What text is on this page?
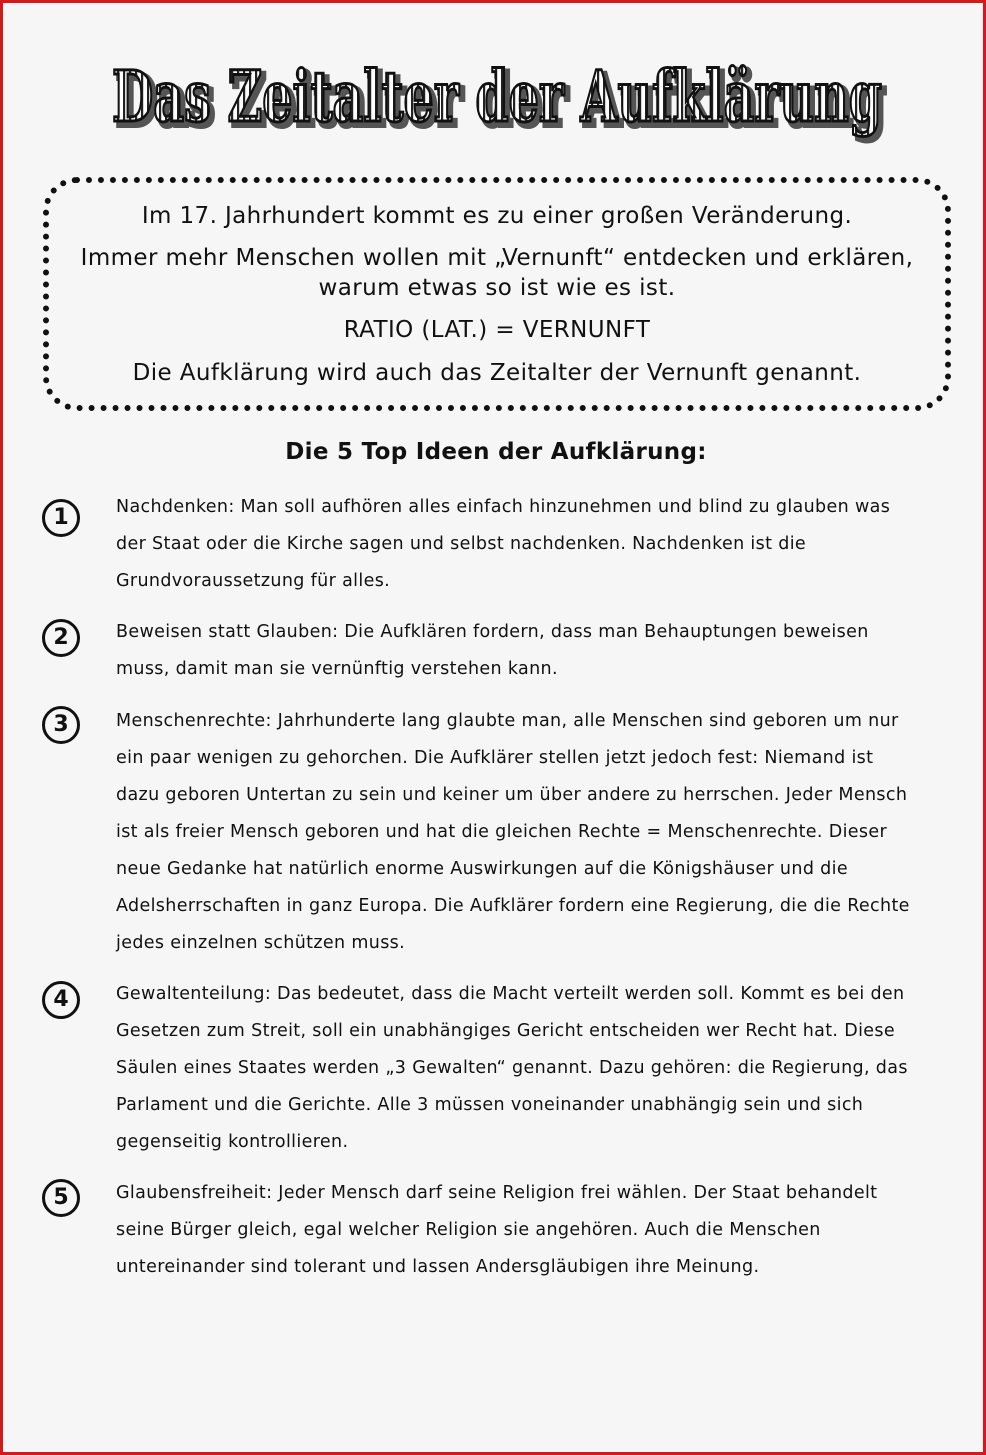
Das Zeitalter der Aufklärung
Das Zeitalter der Aufklärung
Im 17. Jahrhundert kommt es zu einer großen Veränderung.
Immer mehr Menschen wollen mit „Vernunft“ entdecken und erklären,
warum etwas so ist wie es ist.
RATIO (LAT.) = VERNUNFT
Die Aufklärung wird auch das Zeitalter der Vernunft genannt.
Die 5 Top Ideen der Aufklärung:
1	Nachdenken: Man soll aufhören alles einfach hinzunehmen und blind zu glauben was der Staat oder die Kirche sagen und selbst nachdenken. Nachdenken ist die Grundvoraussetzung für alles.

2	Beweisen statt Glauben: Die Aufklären fordern, dass man Behauptungen beweisen muss, damit man sie vernünftig verstehen kann.

3	Menschenrechte: Jahrhunderte lang glaubte man, alle Menschen sind geboren um nur ein paar wenigen zu gehorchen. Die Aufklärer stellen jetzt jedoch fest: Niemand ist dazu geboren Untertan zu sein und keiner um über andere zu herrschen. Jeder Mensch ist als freier Mensch geboren und hat die gleichen Rechte = Menschenrechte. Dieser neue Gedanke hat natürlich enorme Auswirkungen auf die Königshäuser und die Adelsherrschaften in ganz Europa. Die Aufklärer fordern eine Regierung, die die Rechte jedes einzelnen schützen muss.

4	Gewaltenteilung: Das bedeutet, dass die Macht verteilt werden soll. Kommt es bei den Gesetzen zum Streit, soll ein unabhängiges Gericht entscheiden wer Recht hat. Diese Säulen eines Staates werden „3 Gewalten“ genannt. Dazu gehören: die Regierung, das Parlament und die Gerichte. Alle 3 müssen voneinander unabhängig sein und sich gegenseitig kontrollieren.

5	Glaubensfreiheit: Jeder Mensch darf seine Religion frei wählen. Der Staat behandelt seine Bürger gleich, egal welcher Religion sie angehören. Auch die Menschen untereinander sind tolerant und lassen Andersgläubigen ihre Meinung.
